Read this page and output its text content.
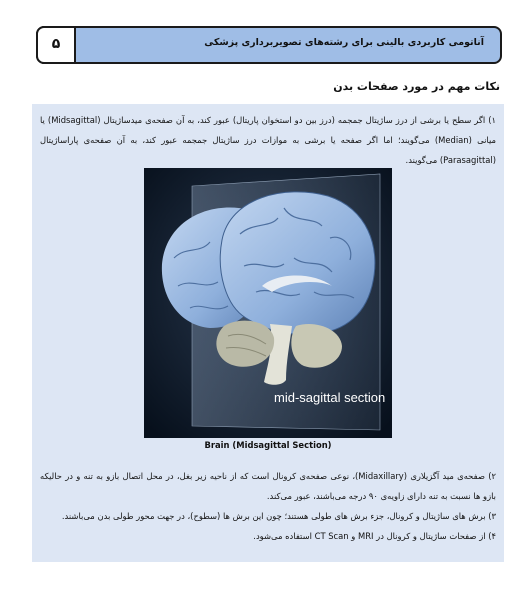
آناتومی کاربردی بالینی برای رشته‌های تصویربرداری پزشکی
۵
نکات مهم در مورد صفحات بدن
۱) اگر سطح یا برشی از درز ساژیتال جمجمه (درز بین دو استخوان پاریتال) عبور کند، به آن صفحه‌ی میدساژیتال (Midsagittal) یا میانی (Median) می‌گویند؛ اما اگر صفحه یا برشی به موازات درز ساژیتال جمجمه عبور کند، به آن صفحه‌ی پاراساژیتال (Parasagittal) می‌گویند.
mid-sagittal section
Brain (Midsagittal Section)
۲) صفحه‌ی مید آگزیلاری (Midaxillary)، نوعی صفحه‌ی کرونال است که از ناحیه زیر بغل، در محل اتصال بازو به تنه و در حالیکه بازو ها نسبت به تنه دارای زاویه‌ی ۹۰ درجه می‌باشند، عبور می‌کند.
۳) برش های ساژیتال و کرونال، جزء برش های طولی هستند؛ چون این برش ها (سطوح)، در جهت محور طولی بدن می‌باشند.
۴) از صفحات ساژیتال و کرونال در MRI و CT Scan استفاده می‌شود.
